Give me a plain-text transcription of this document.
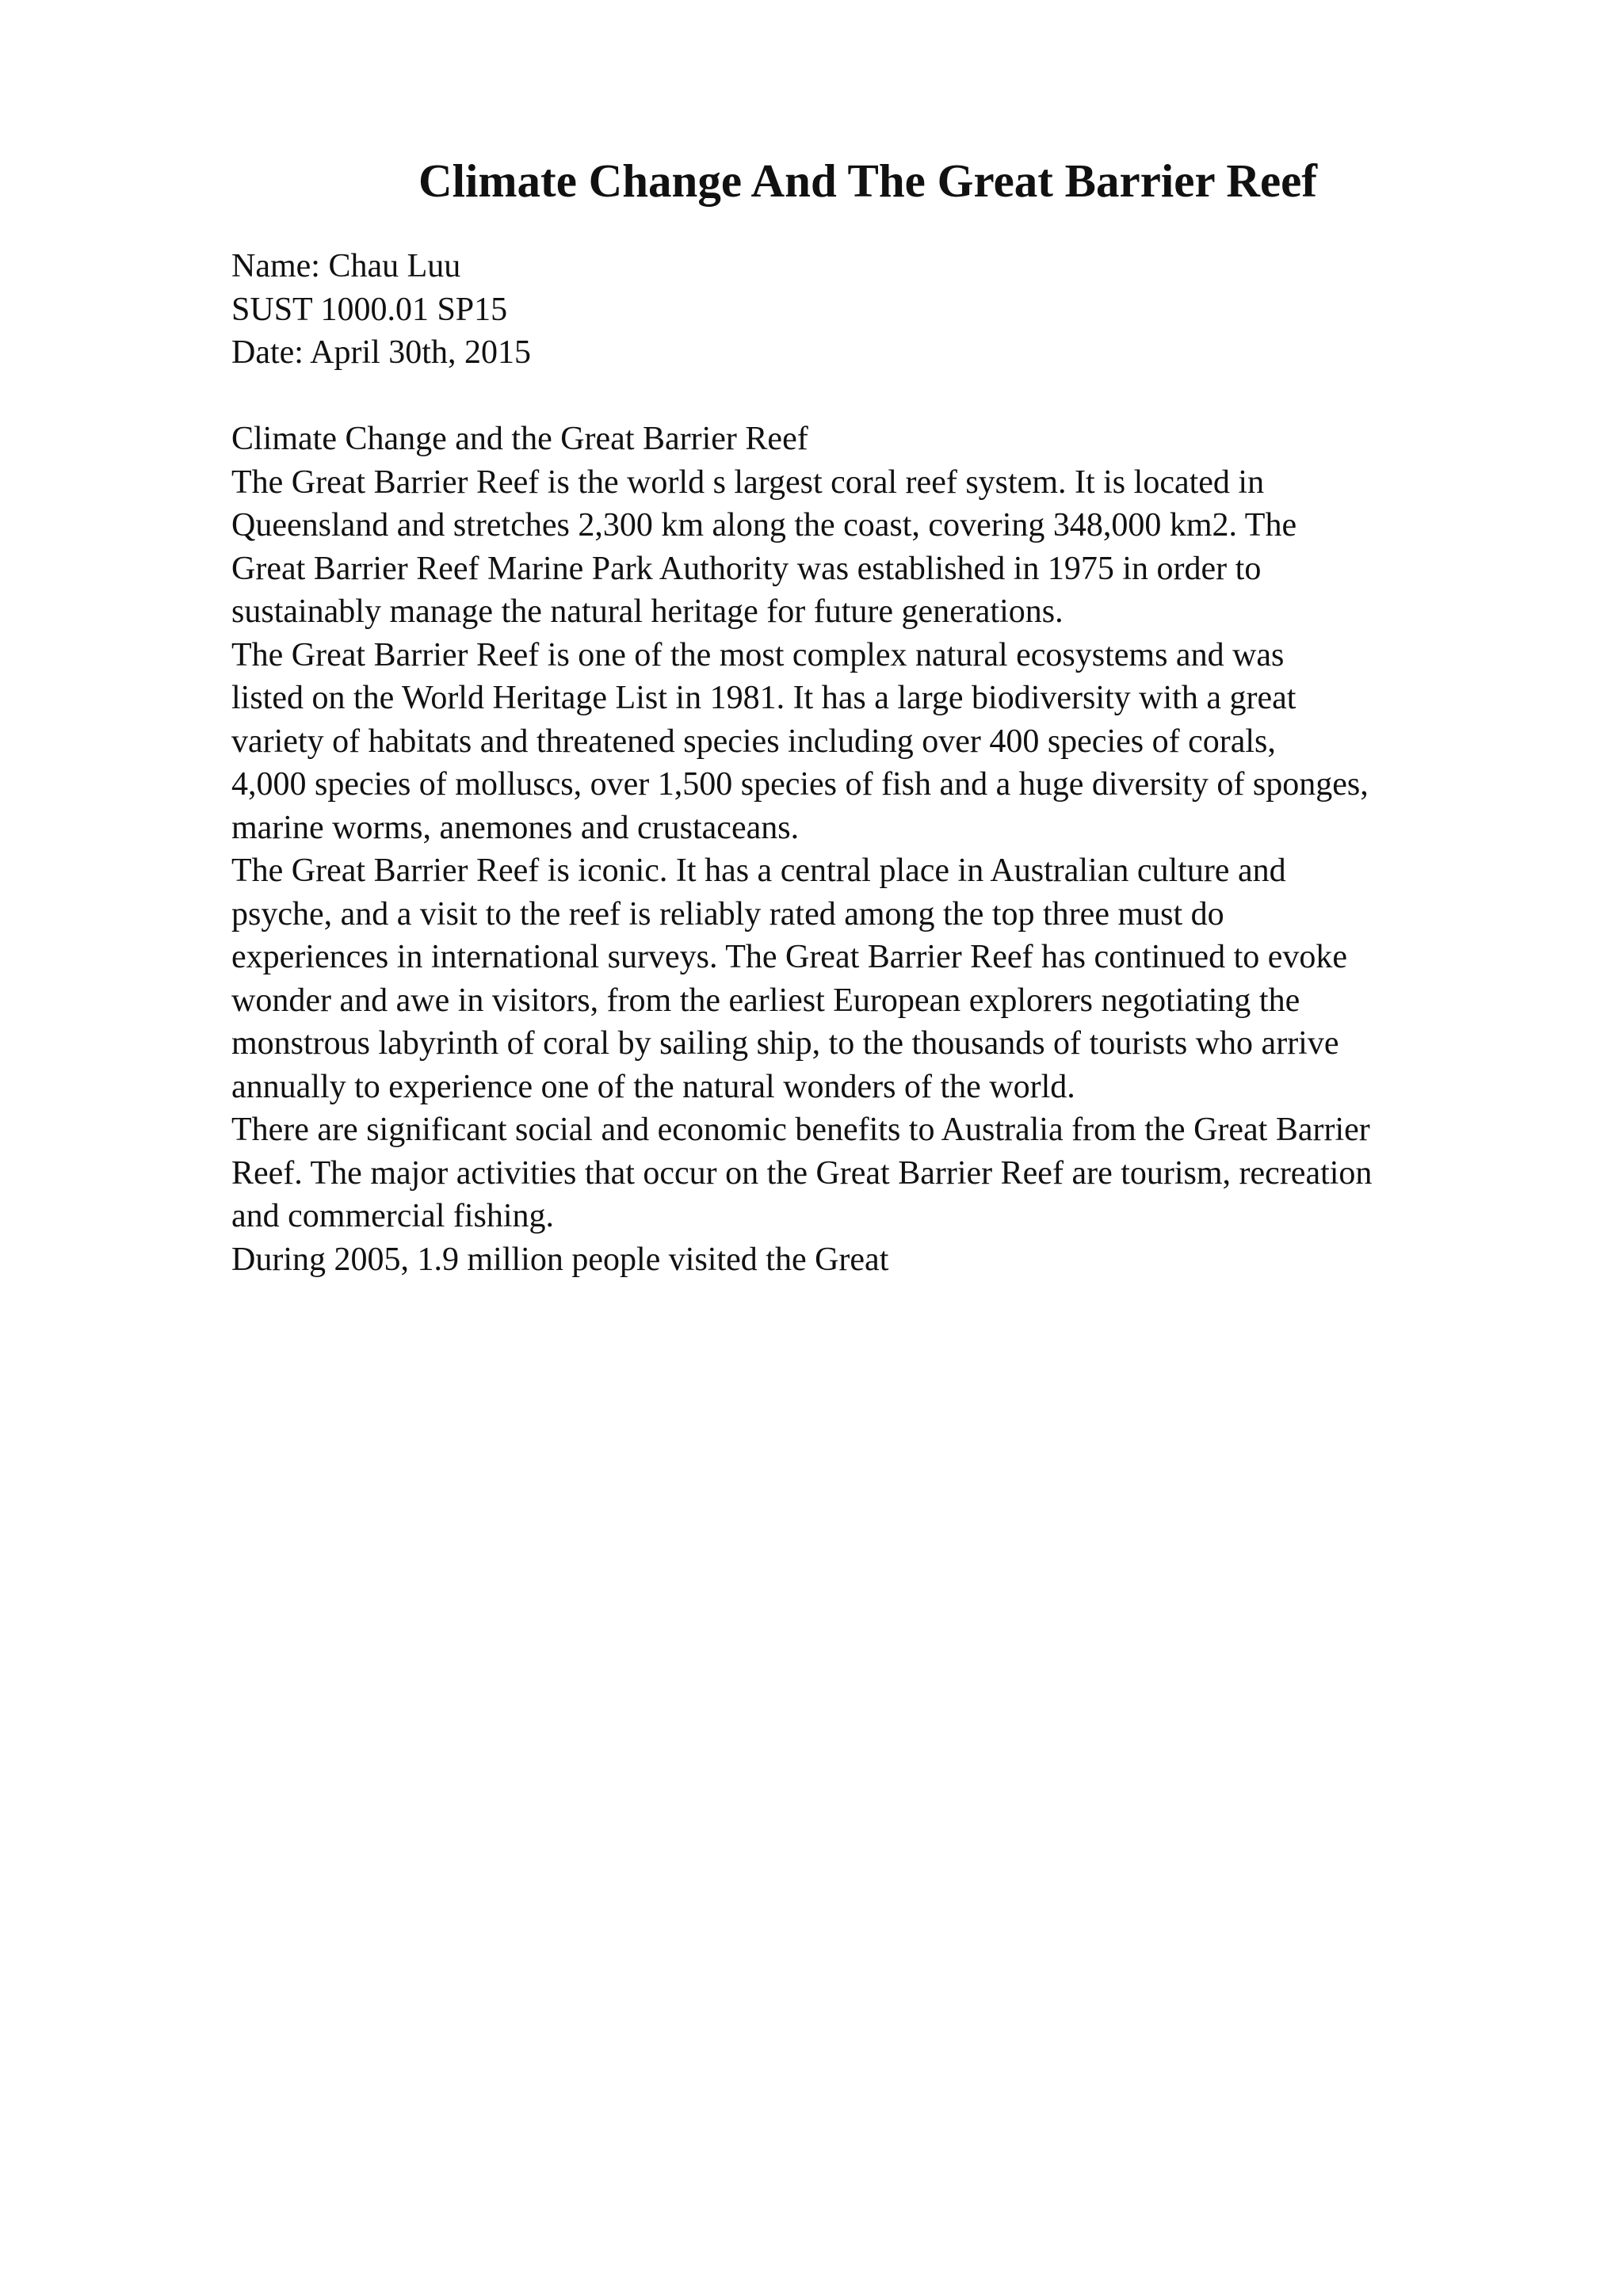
Climate Change And The Great Barrier Reef
Name: Chau Luu
SUST 1000.01 SP15
Date: April 30th, 2015
Climate Change and the Great Barrier Reef
The Great Barrier Reef is the world s largest coral reef system. It is located in
Queensland and stretches 2,300 km along the coast, covering 348,000 km2. The
Great Barrier Reef Marine Park Authority was established in 1975 in order to
sustainably manage the natural heritage for future generations.
The Great Barrier Reef is one of the most complex natural ecosystems and was
listed on the World Heritage List in 1981. It has a large biodiversity with a great
variety of habitats and threatened species including over 400 species of corals,
4,000 species of molluscs, over 1,500 species of fish and a huge diversity of sponges,
marine worms, anemones and crustaceans.
The Great Barrier Reef is iconic. It has a central place in Australian culture and
psyche, and a visit to the reef is reliably rated among the top three must do
experiences in international surveys. The Great Barrier Reef has continued to evoke
wonder and awe in visitors, from the earliest European explorers negotiating the
monstrous labyrinth of coral by sailing ship, to the thousands of tourists who arrive
annually to experience one of the natural wonders of the world.
There are significant social and economic benefits to Australia from the Great Barrier
Reef. The major activities that occur on the Great Barrier Reef are tourism, recreation
and commercial fishing.
During 2005, 1.9 million people visited the Great
